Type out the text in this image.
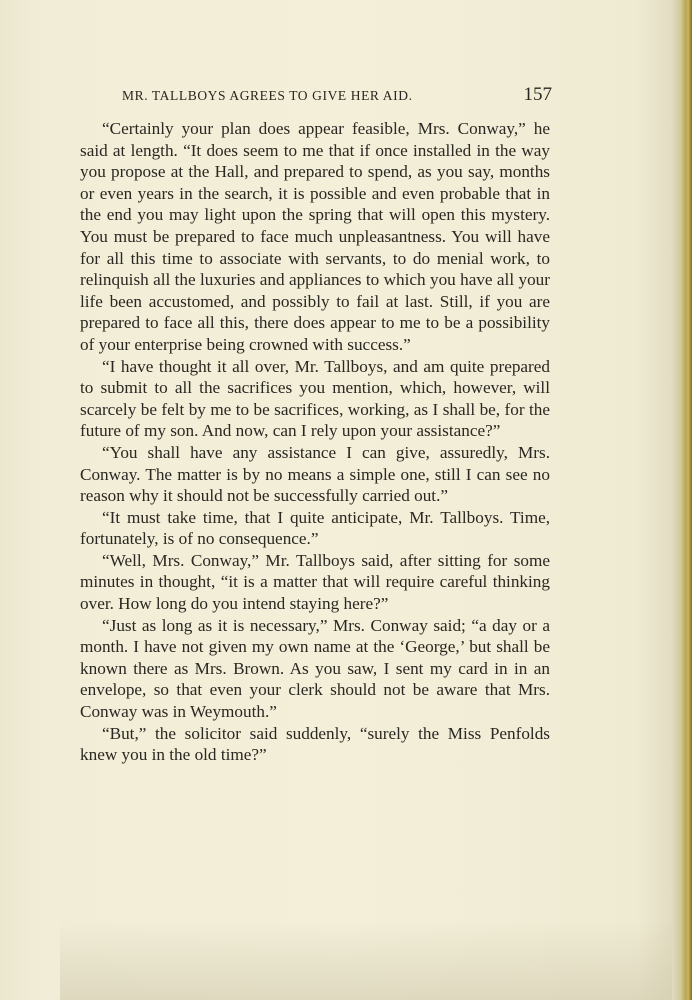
MR. TALLBOYS AGREES TO GIVE HER AID.	157

“Certainly your plan does appear feasible, Mrs. Conway,” he said at length. “It does seem to me that if once installed in the way you propose at the Hall, and prepared to spend, as you say, months or even years in the search, it is possible and even probable that in the end you may light upon the spring that will open this mystery. You must be prepared to face much unpleasantness. You will have for all this time to associate with servants, to do menial work, to relinquish all the luxuries and appliances to which you have all your life been accustomed, and possibly to fail at last. Still, if you are prepared to face all this, there does appear to me to be a possibility of your enterprise being crowned with success.”

“I have thought it all over, Mr. Tallboys, and am quite prepared to submit to all the sacrifices you mention, which, however, will scarcely be felt by me to be sacrifices, working, as I shall be, for the future of my son. And now, can I rely upon your assistance?”

“You shall have any assistance I can give, assuredly, Mrs. Conway. The matter is by no means a simple one, still I can see no reason why it should not be successfully carried out.”

“It must take time, that I quite anticipate, Mr. Tallboys. Time, fortunately, is of no consequence.”

“Well, Mrs. Conway,” Mr. Tallboys said, after sitting for some minutes in thought, “it is a matter that will require careful thinking over. How long do you intend staying here?”

“Just as long as it is necessary,” Mrs. Conway said; “a day or a month. I have not given my own name at the ‘George,’ but shall be known there as Mrs. Brown. As you saw, I sent my card in in an envelope, so that even your clerk should not be aware that Mrs. Conway was in Weymouth.”

“But,” the solicitor said suddenly, “surely the Miss Penfolds knew you in the old time?”
